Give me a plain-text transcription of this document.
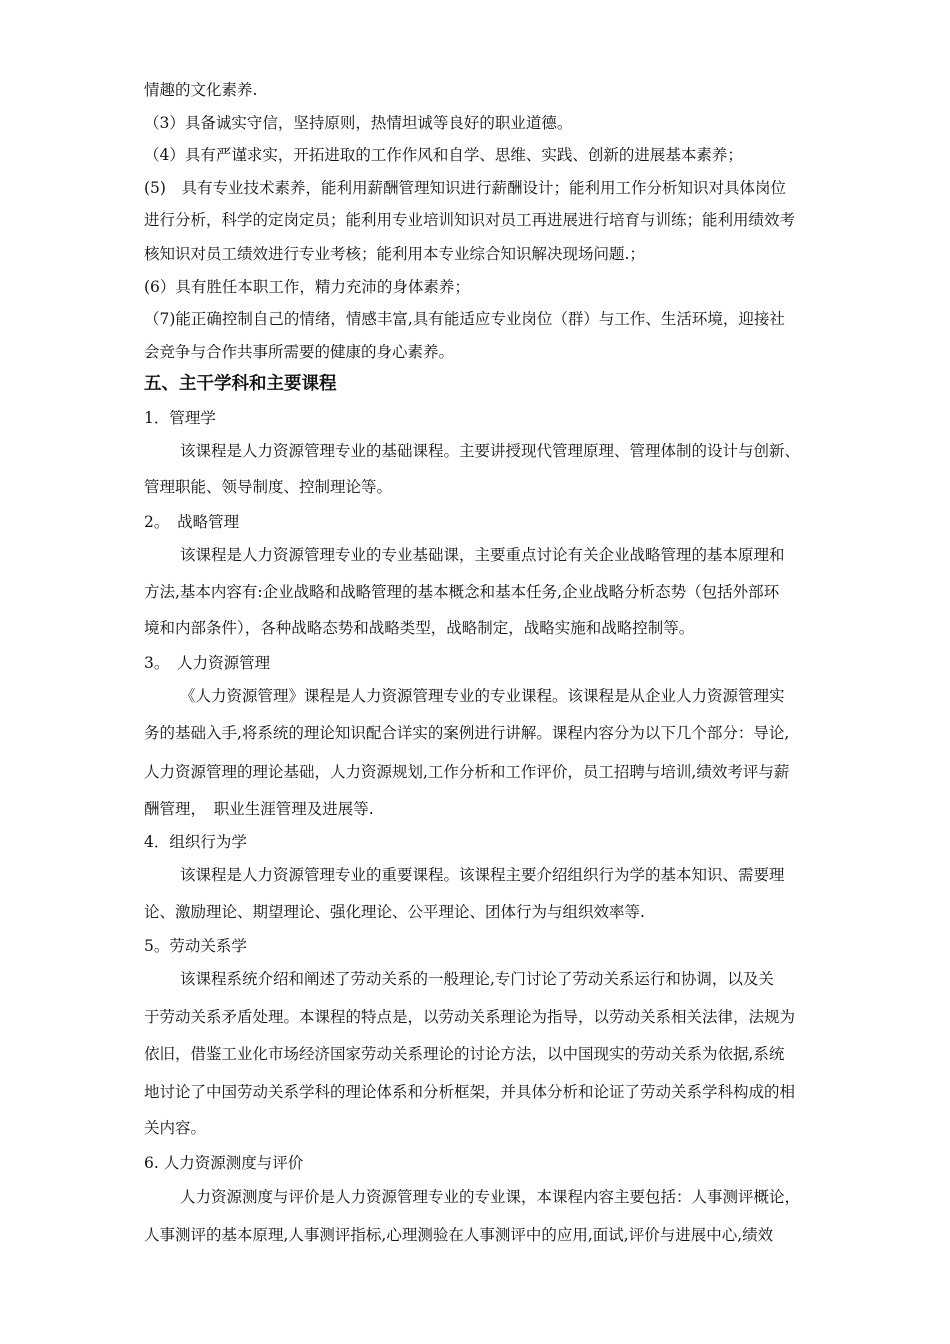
情趣的文化素养.
（3）具备诚实守信，坚持原则，热情坦诚等良好的职业道德。
（4）具有严谨求实，开拓进取的工作作风和自学、思维、实践、创新的进展基本素养；
(5)　具有专业技术素养，能利用薪酬管理知识进行薪酬设计；能利用工作分析知识对具体岗位
进行分析，科学的定岗定员；能利用专业培训知识对员工再进展进行培育与训练；能利用绩效考
核知识对员工绩效进行专业考核；能利用本专业综合知识解决现场问题.；
(6）具有胜任本职工作，精力充沛的身体素养；
（7)能正确控制自己的情绪，情感丰富,具有能适应专业岗位（群）与工作、生活环境，迎接社
会竞争与合作共事所需要的健康的身心素养。
五、主干学科和主要课程
1．管理学
该课程是人力资源管理专业的基础课程。主要讲授现代管理原理、管理体制的设计与创新、
管理职能、领导制度、控制理论等。
2。　战略管理
该课程是人力资源管理专业的专业基础课，主要重点讨论有关企业战略管理的基本原理和
方法,基本内容有:企业战略和战略管理的基本概念和基本任务,企业战略分析态势（包括外部环
境和内部条件），各种战略态势和战略类型，战略制定，战略实施和战略控制等。
3。　人力资源管理
《人力资源管理》课程是人力资源管理专业的专业课程。该课程是从企业人力资源管理实
务的基础入手,将系统的理论知识配合详实的案例进行讲解。课程内容分为以下几个部分：导论,
人力资源管理的理论基础，人力资源规划,工作分析和工作评价，员工招聘与培训,绩效考评与薪
酬管理，　职业生涯管理及进展等.
4．组织行为学
该课程是人力资源管理专业的重要课程。该课程主要介绍组织行为学的基本知识、需要理
论、激励理论、期望理论、强化理论、公平理论、团体行为与组织效率等.
5。劳动关系学
该课程系统介绍和阐述了劳动关系的一般理论,专门讨论了劳动关系运行和协调，以及关
于劳动关系矛盾处理。本课程的特点是，以劳动关系理论为指导，以劳动关系相关法律，法规为
依旧，借鉴工业化市场经济国家劳动关系理论的讨论方法，以中国现实的劳动关系为依据,系统
地讨论了中国劳动关系学科的理论体系和分析框架，并具体分析和论证了劳动关系学科构成的相
关内容。
6. 人力资源测度与评价
人力资源测度与评价是人力资源管理专业的专业课，本课程内容主要包括：人事测评概论，
人事测评的基本原理,人事测评指标,心理测验在人事测评中的应用,面试,评价与进展中心,绩效
